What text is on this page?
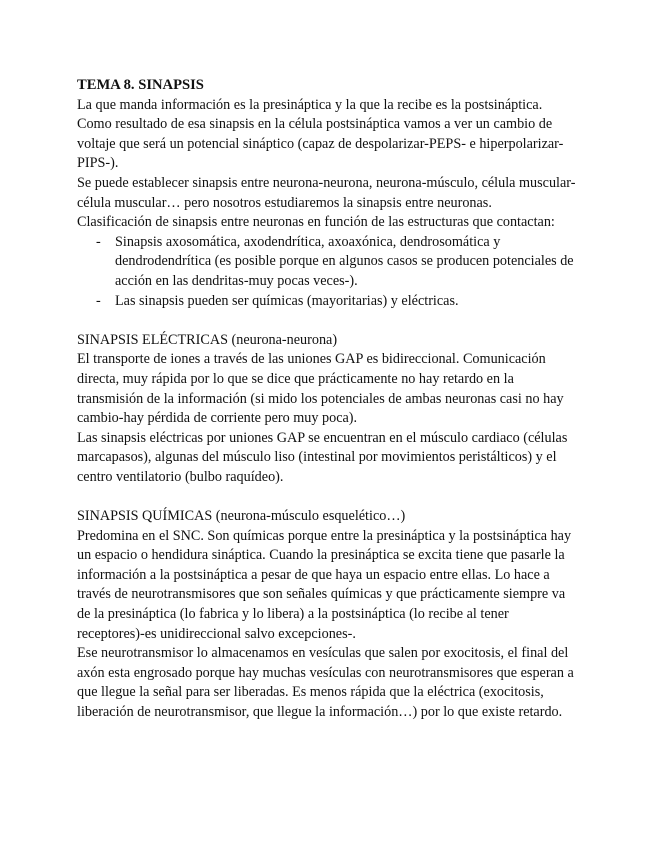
TEMA 8. SINAPSIS

La que manda información es la presináptica y la que la recibe es la postsináptica. Como resultado de esa sinapsis en la célula postsináptica vamos a ver un cambio de voltaje que será un potencial sináptico (capaz de despolarizar-PEPS- e hiperpolarizar-PIPS-).

Se puede establecer sinapsis entre neurona-neurona, neurona-músculo, célula muscular-célula muscular… pero nosotros estudiaremos la sinapsis entre neuronas.

Clasificación de sinapsis entre neuronas en función de las estructuras que contactan:

- Sinapsis axosomática, axodendrítica, axoaxónica, dendrosomática y dendrodendrítica (es posible porque en algunos casos se producen potenciales de acción en las dendritas-muy pocas veces-).
- Las sinapsis pueden ser químicas (mayoritarias) y eléctricas.

SINAPSIS ELÉCTRICAS (neurona-neurona)

El transporte de iones a través de las uniones GAP es bidireccional. Comunicación directa, muy rápida por lo que se dice que prácticamente no hay retardo en la transmisión de la información (si mido los potenciales de ambas neuronas casi no hay cambio-hay pérdida de corriente pero muy poca).

Las sinapsis eléctricas por uniones GAP se encuentran en el músculo cardiaco (células marcapasos), algunas del músculo liso (intestinal por movimientos peristálticos) y el centro ventilatorio (bulbo raquídeo).

SINAPSIS QUÍMICAS (neurona-músculo esquelético…)

Predomina en el SNC. Son químicas porque entre la presináptica y la postsináptica hay un espacio o hendidura sináptica. Cuando la presináptica se excita tiene que pasarle la información a la postsináptica a pesar de que haya un espacio entre ellas. Lo hace a través de neurotransmisores que son señales químicas y que prácticamente siempre va de la presináptica (lo fabrica y lo libera) a la postsináptica (lo recibe al tener receptores)-es unidireccional salvo excepciones-.

Ese neurotransmisor lo almacenamos en vesículas que salen por exocitosis, el final del axón esta engrosado porque hay muchas vesículas con neurotransmisores que esperan a que llegue la señal para ser liberadas. Es menos rápida que la eléctrica (exocitosis, liberación de neurotransmisor, que llegue la información…) por lo que existe retardo.
